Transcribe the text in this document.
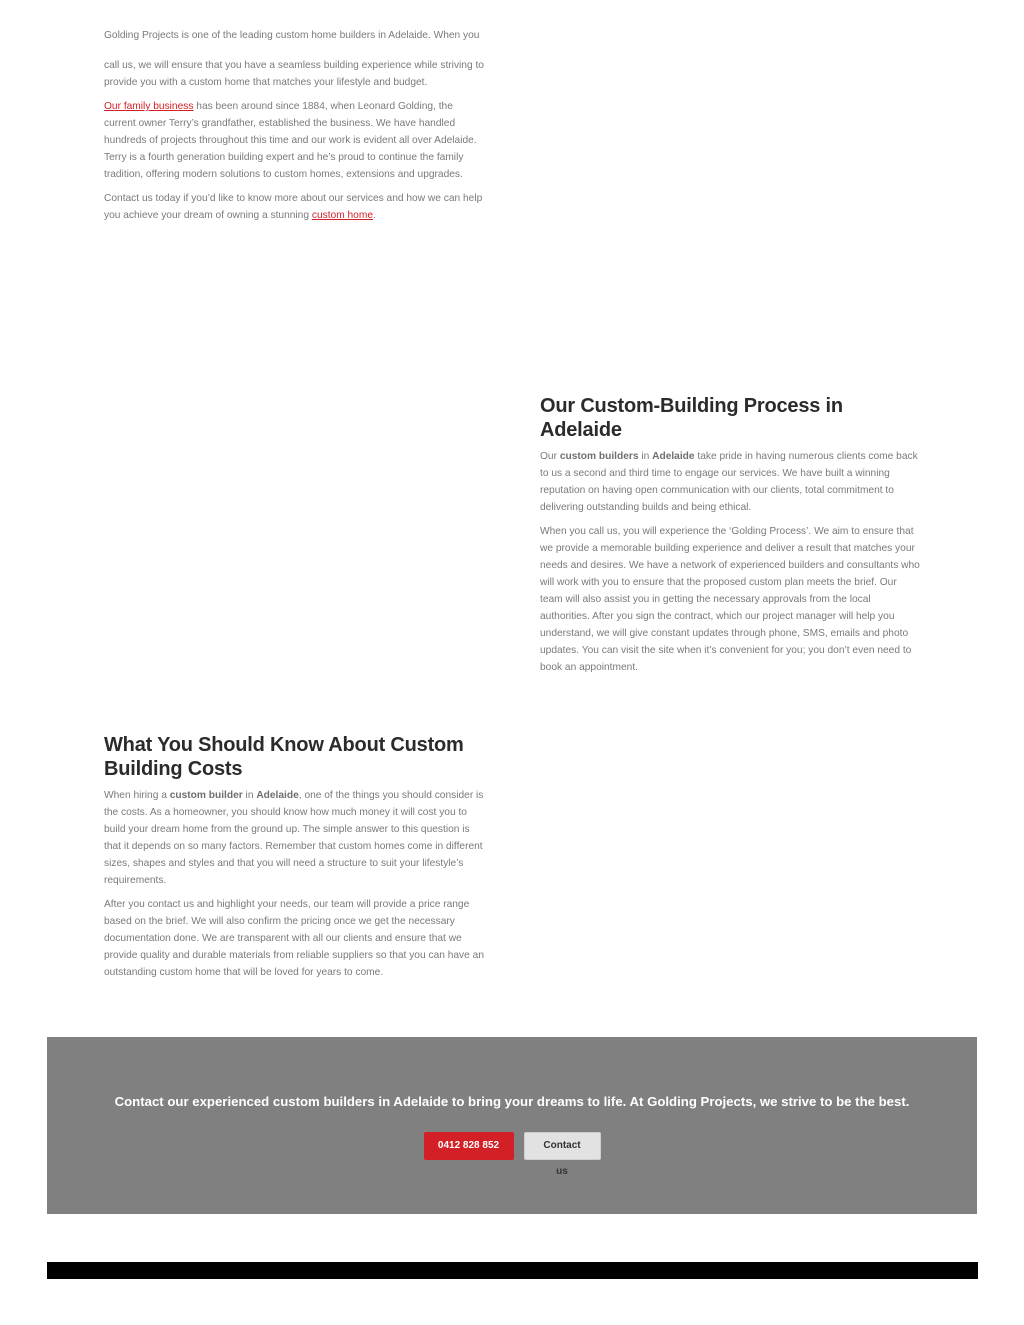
Golding Projects is one of the leading custom home builders in Adelaide. When you

call us, we will ensure that you have a seamless building experience while striving to provide you with a custom home that matches your lifestyle and budget.

Our family business has been around since 1884, when Leonard Golding, the current owner Terry’s grandfather, established the business. We have handled hundreds of projects throughout this time and our work is evident all over Adelaide. Terry is a fourth generation building expert and he’s proud to continue the family tradition, offering modern solutions to custom homes, extensions and upgrades.

Contact us today if you’d like to know more about our services and how we can help you achieve your dream of owning a stunning custom home.

Our Custom-Building Process in Adelaide

Our custom builders in Adelaide take pride in having numerous clients come back to us a second and third time to engage our services. We have built a winning reputation on having open communication with our clients, total commitment to delivering outstanding builds and being ethical.

When you call us, you will experience the ‘Golding Process’. We aim to ensure that we provide a memorable building experience and deliver a result that matches your needs and desires. We have a network of experienced builders and consultants who will work with you to ensure that the proposed custom plan meets the brief. Our team will also assist you in getting the necessary approvals from the local authorities. After you sign the contract, which our project manager will help you understand, we will give constant updates through phone, SMS, emails and photo updates. You can visit the site when it’s convenient for you; you don’t even need to book an appointment.

What You Should Know About Custom Building Costs

When hiring a custom builder in Adelaide, one of the things you should consider is the costs. As a homeowner, you should know how much money it will cost you to build your dream home from the ground up. The simple answer to this question is that it depends on so many factors. Remember that custom homes come in different sizes, shapes and styles and that you will need a structure to suit your lifestyle’s requirements.

After you contact us and highlight your needs, our team will provide a price range based on the brief. We will also confirm the pricing once we get the necessary documentation done. We are transparent with all our clients and ensure that we provide quality and durable materials from reliable suppliers so that you can have an outstanding custom home that will be loved for years to come.

Contact our experienced custom builders in Adelaide to bring your dreams to life. At Golding Projects, we strive to be the best.
0412 828 852	Contact us
